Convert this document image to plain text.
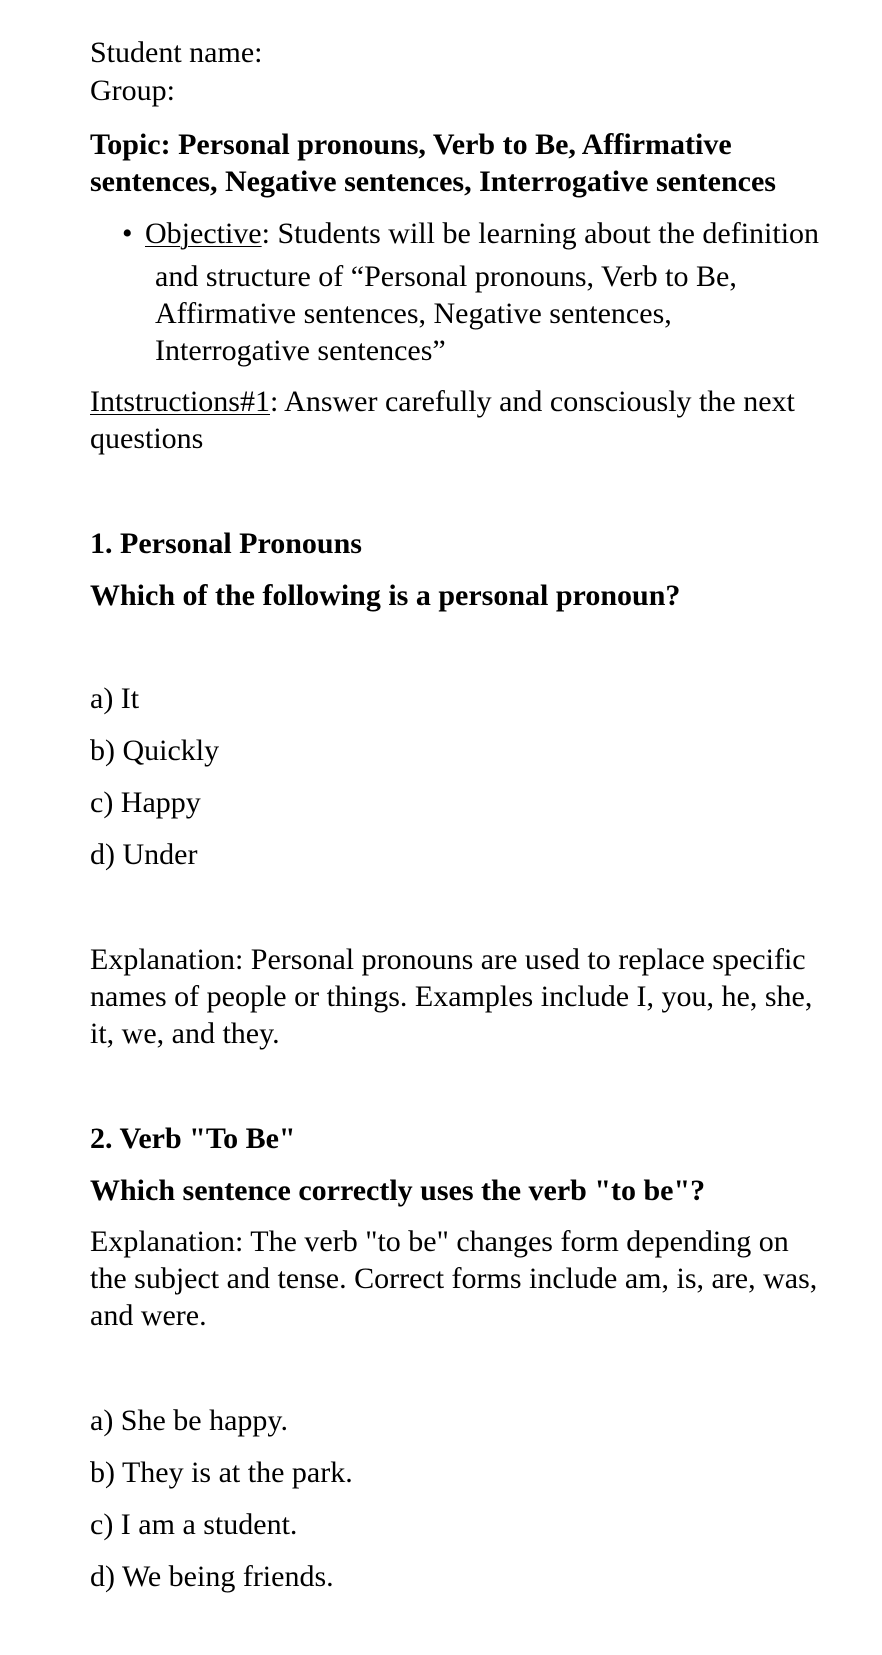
Student name:
Group:
Topic: Personal pronouns, Verb to Be, Affirmative
sentences, Negative sentences, Interrogative sentences
• Objective: Students will be learning about the definition
and structure of “Personal pronouns, Verb to Be,
Affirmative sentences, Negative sentences,
Interrogative sentences”
Intstructions#1: Answer carefully and consciously the next
questions
1. Personal Pronouns
Which of the following is a personal pronoun?
a) It
b) Quickly
c) Happy
d) Under
Explanation: Personal pronouns are used to replace specific
names of people or things. Examples include I, you, he, she,
it, we, and they.
2. Verb "To Be"
Which sentence correctly uses the verb "to be"?
Explanation: The verb "to be" changes form depending on
the subject and tense. Correct forms include am, is, are, was,
and were.
a) She be happy.
b) They is at the park.
c) I am a student.
d) We being friends.
